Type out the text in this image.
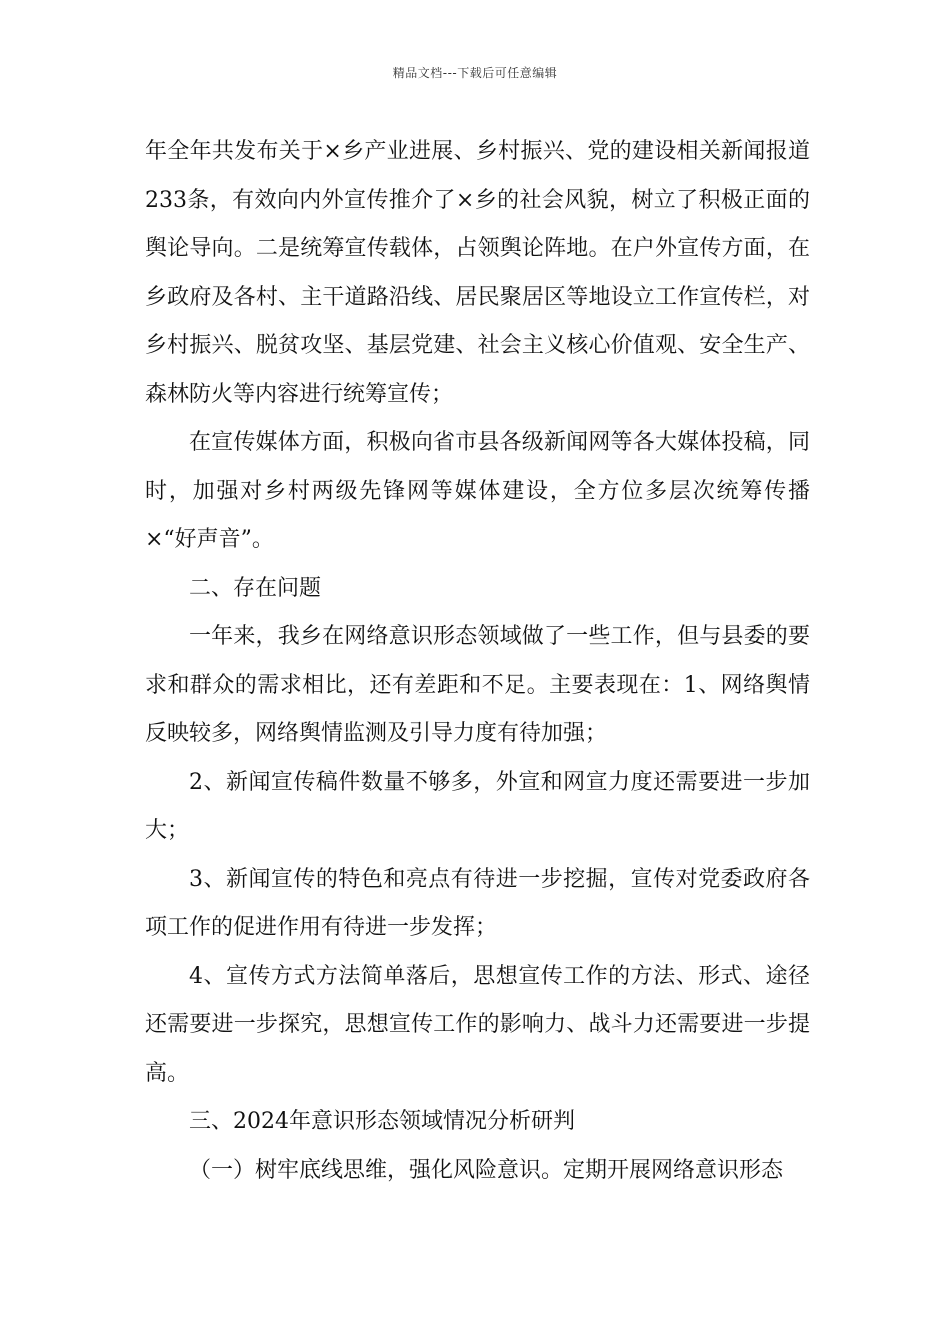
精品文档---下载后可任意编辑

年全年共发布关于×乡产业进展、乡村振兴、党的建设相关新闻报道233条，有效向内外宣传推介了×乡的社会风貌，树立了积极正面的舆论导向。二是统筹宣传载体，占领舆论阵地。在户外宣传方面，在乡政府及各村、主干道路沿线、居民聚居区等地设立工作宣传栏，对乡村振兴、脱贫攻坚、基层党建、社会主义核心价值观、安全生产、森林防火等内容进行统筹宣传；

在宣传媒体方面，积极向省市县各级新闻网等各大媒体投稿，同时，加强对乡村两级先锋网等媒体建设，全方位多层次统筹传播×“好声音”。

二、存在问题

一年来，我乡在网络意识形态领域做了一些工作，但与县委的要求和群众的需求相比，还有差距和不足。主要表现在：1、网络舆情反映较多，网络舆情监测及引导力度有待加强；

2、新闻宣传稿件数量不够多，外宣和网宣力度还需要进一步加大；

3、新闻宣传的特色和亮点有待进一步挖掘，宣传对党委政府各项工作的促进作用有待进一步发挥；

4、宣传方式方法简单落后，思想宣传工作的方法、形式、途径还需要进一步探究，思想宣传工作的影响力、战斗力还需要进一步提高。

三、2024年意识形态领域情况分析研判

（一）树牢底线思维，强化风险意识。定期开展网络意识形态
